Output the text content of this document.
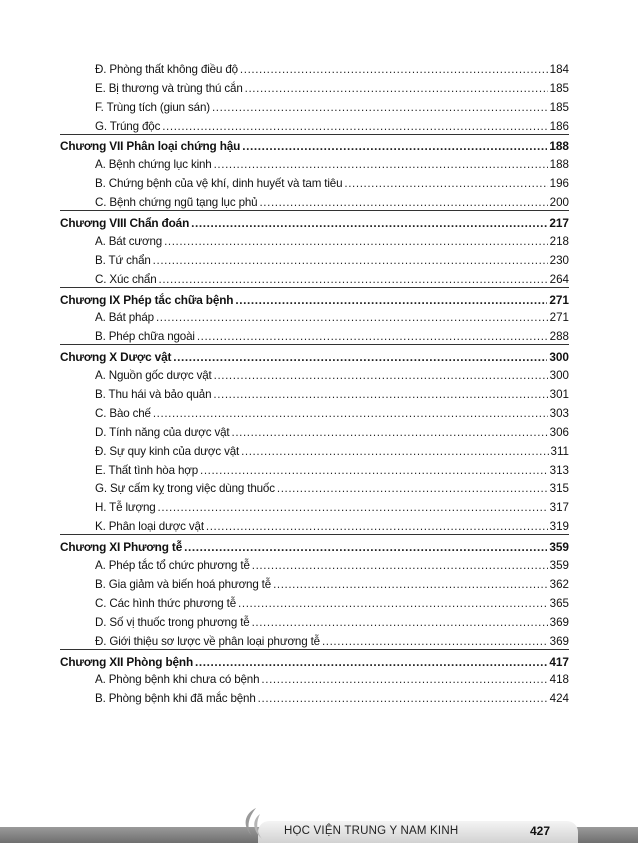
Đ. Phòng thất không điều độ .....	184
E. Bị thương và trùng thú cắn .....	185
F. Trùng tích (giun sán) .....	185
G. Trúng độc .....	186
Chương VII Phân loại chứng hậu .....	188
A. Bệnh chứng lục kinh .....	188
B. Chứng bệnh của vệ khí, dinh huyết và tam tiêu .....	196
C. Bệnh chứng ngũ tạng lục phủ .....	200
Chương VIII Chẩn đoán .....	217
A. Bát cương .....	218
B. Tứ chẩn .....	230
C. Xúc chẩn .....	264
Chương IX Phép tắc chữa bệnh .....	271
A. Bát pháp .....	271
B. Phép chữa ngoài .....	288
Chương X Dược vật .....	300
A. Nguồn gốc dược vật .....	300
B. Thu hái và bảo quản .....	301
C. Bào chế .....	303
D. Tính năng của dược vật .....	306
Đ. Sự quy kinh của dược vật .....	311
E. Thất tình hòa hợp .....	313
G. Sự cấm kỵ trong việc dùng thuốc .....	315
H. Tễ lượng .....	317
K. Phân loại dược vật .....	319
Chương XI Phương tễ .....	359
A. Phép tắc tổ chức phương tễ .....	359
B. Gia giảm và biến hoá phương tễ .....	362
C. Các hình thức phương tễ .....	365
D. Số vị thuốc trong phương tễ .....	369
Đ. Giới thiệu sơ lược về phân loại phương tễ .....	369
Chương XII Phòng bệnh .....	417
A. Phòng bệnh khi chưa có bệnh .....	418
B. Phòng bệnh khi đã mắc bệnh .....	424
HỌC VIỆN TRUNG Y NAM KINH	427
